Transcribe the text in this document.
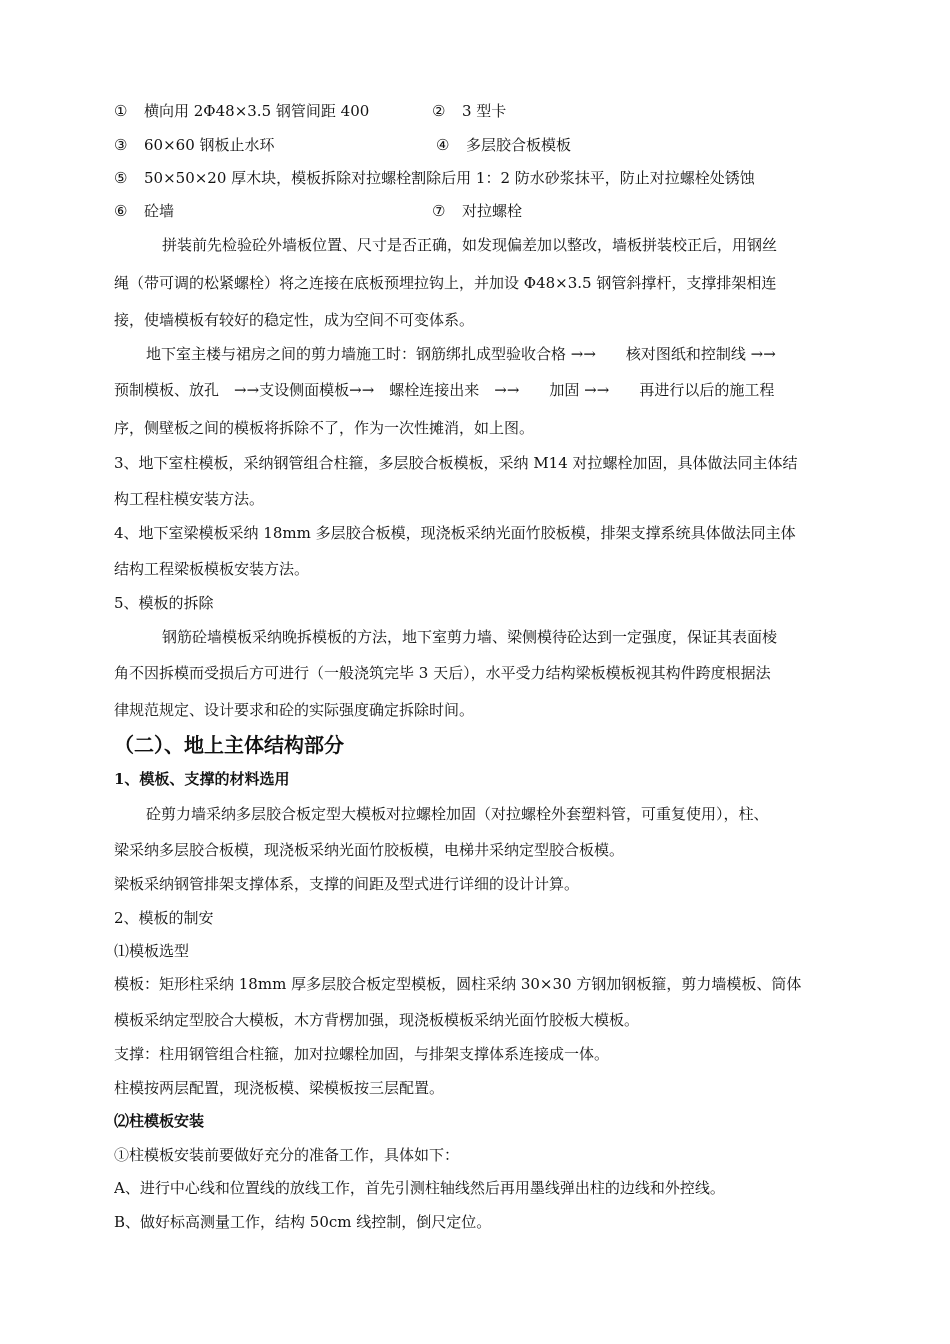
① 横向用 2Φ48×3.5 钢管间距 400	② 3 型卡
③ 60×60 钢板止水环	④ 多层胶合板模板
⑤ 50×50×20 厚木块，模板拆除对拉螺栓割除后用 1：2 防水砂浆抹平，防止对拉螺栓处锈蚀
⑥ 砼墙	⑦ 对拉螺栓
拼装前先检验砼外墙板位置、尺寸是否正确，如发现偏差加以整改，墙板拼装校正后，用钢丝
绳（带可调的松紧螺栓）将之连接在底板预埋拉钩上，并加设 Φ48×3.5 钢管斜撑杆，支撑排架相连
接，使墙模板有较好的稳定性，成为空间不可变体系。
地下室主楼与裙房之间的剪力墙施工时：钢筋绑扎成型验收合格 →→　　核对图纸和控制线 →→
预制模板、放孔　→→支设侧面模板→→　螺栓连接出来　→→　　加固 →→　　再进行以后的施工程
序，侧壁板之间的模板将拆除不了，作为一次性摊消，如上图。
3、地下室柱模板，采纳钢管组合柱箍，多层胶合板模板，采纳 M14 对拉螺栓加固，具体做法同主体结
构工程柱模安装方法。
4、地下室梁模板采纳 18mm 多层胶合板模，现浇板采纳光面竹胶板模，排架支撑系统具体做法同主体
结构工程梁板模板安装方法。
5、模板的拆除
钢筋砼墙模板采纳晚拆模板的方法，地下室剪力墙、梁侧模待砼达到一定强度，保证其表面棱
角不因拆模而受损后方可进行（一般浇筑完毕 3 天后），水平受力结构梁板模板视其构件跨度根据法
律规范规定、设计要求和砼的实际强度确定拆除时间。
（二）、地上主体结构部分
1、模板、支撑的材料选用
砼剪力墙采纳多层胶合板定型大模板对拉螺栓加固（对拉螺栓外套塑料管，可重复使用），柱、
梁采纳多层胶合板模，现浇板采纳光面竹胶板模，电梯井采纳定型胶合板模。
梁板采纳钢管排架支撑体系，支撑的间距及型式进行详细的设计计算。
2、模板的制安
⑴模板选型
模板：矩形柱采纳 18mm 厚多层胶合板定型模板，圆柱采纳 30×30 方钢加钢板箍，剪力墙模板、筒体
模板采纳定型胶合大模板，木方背楞加强，现浇板模板采纳光面竹胶板大模板。
支撑：柱用钢管组合柱箍，加对拉螺栓加固，与排架支撑体系连接成一体。
柱模按两层配置，现浇板模、梁模板按三层配置。
⑵柱模板安装
①柱模板安装前要做好充分的准备工作，具体如下：
A、进行中心线和位置线的放线工作，首先引测柱轴线然后再用墨线弹出柱的边线和外控线。
B、做好标高测量工作，结构 50cm 线控制，倒尺定位。
